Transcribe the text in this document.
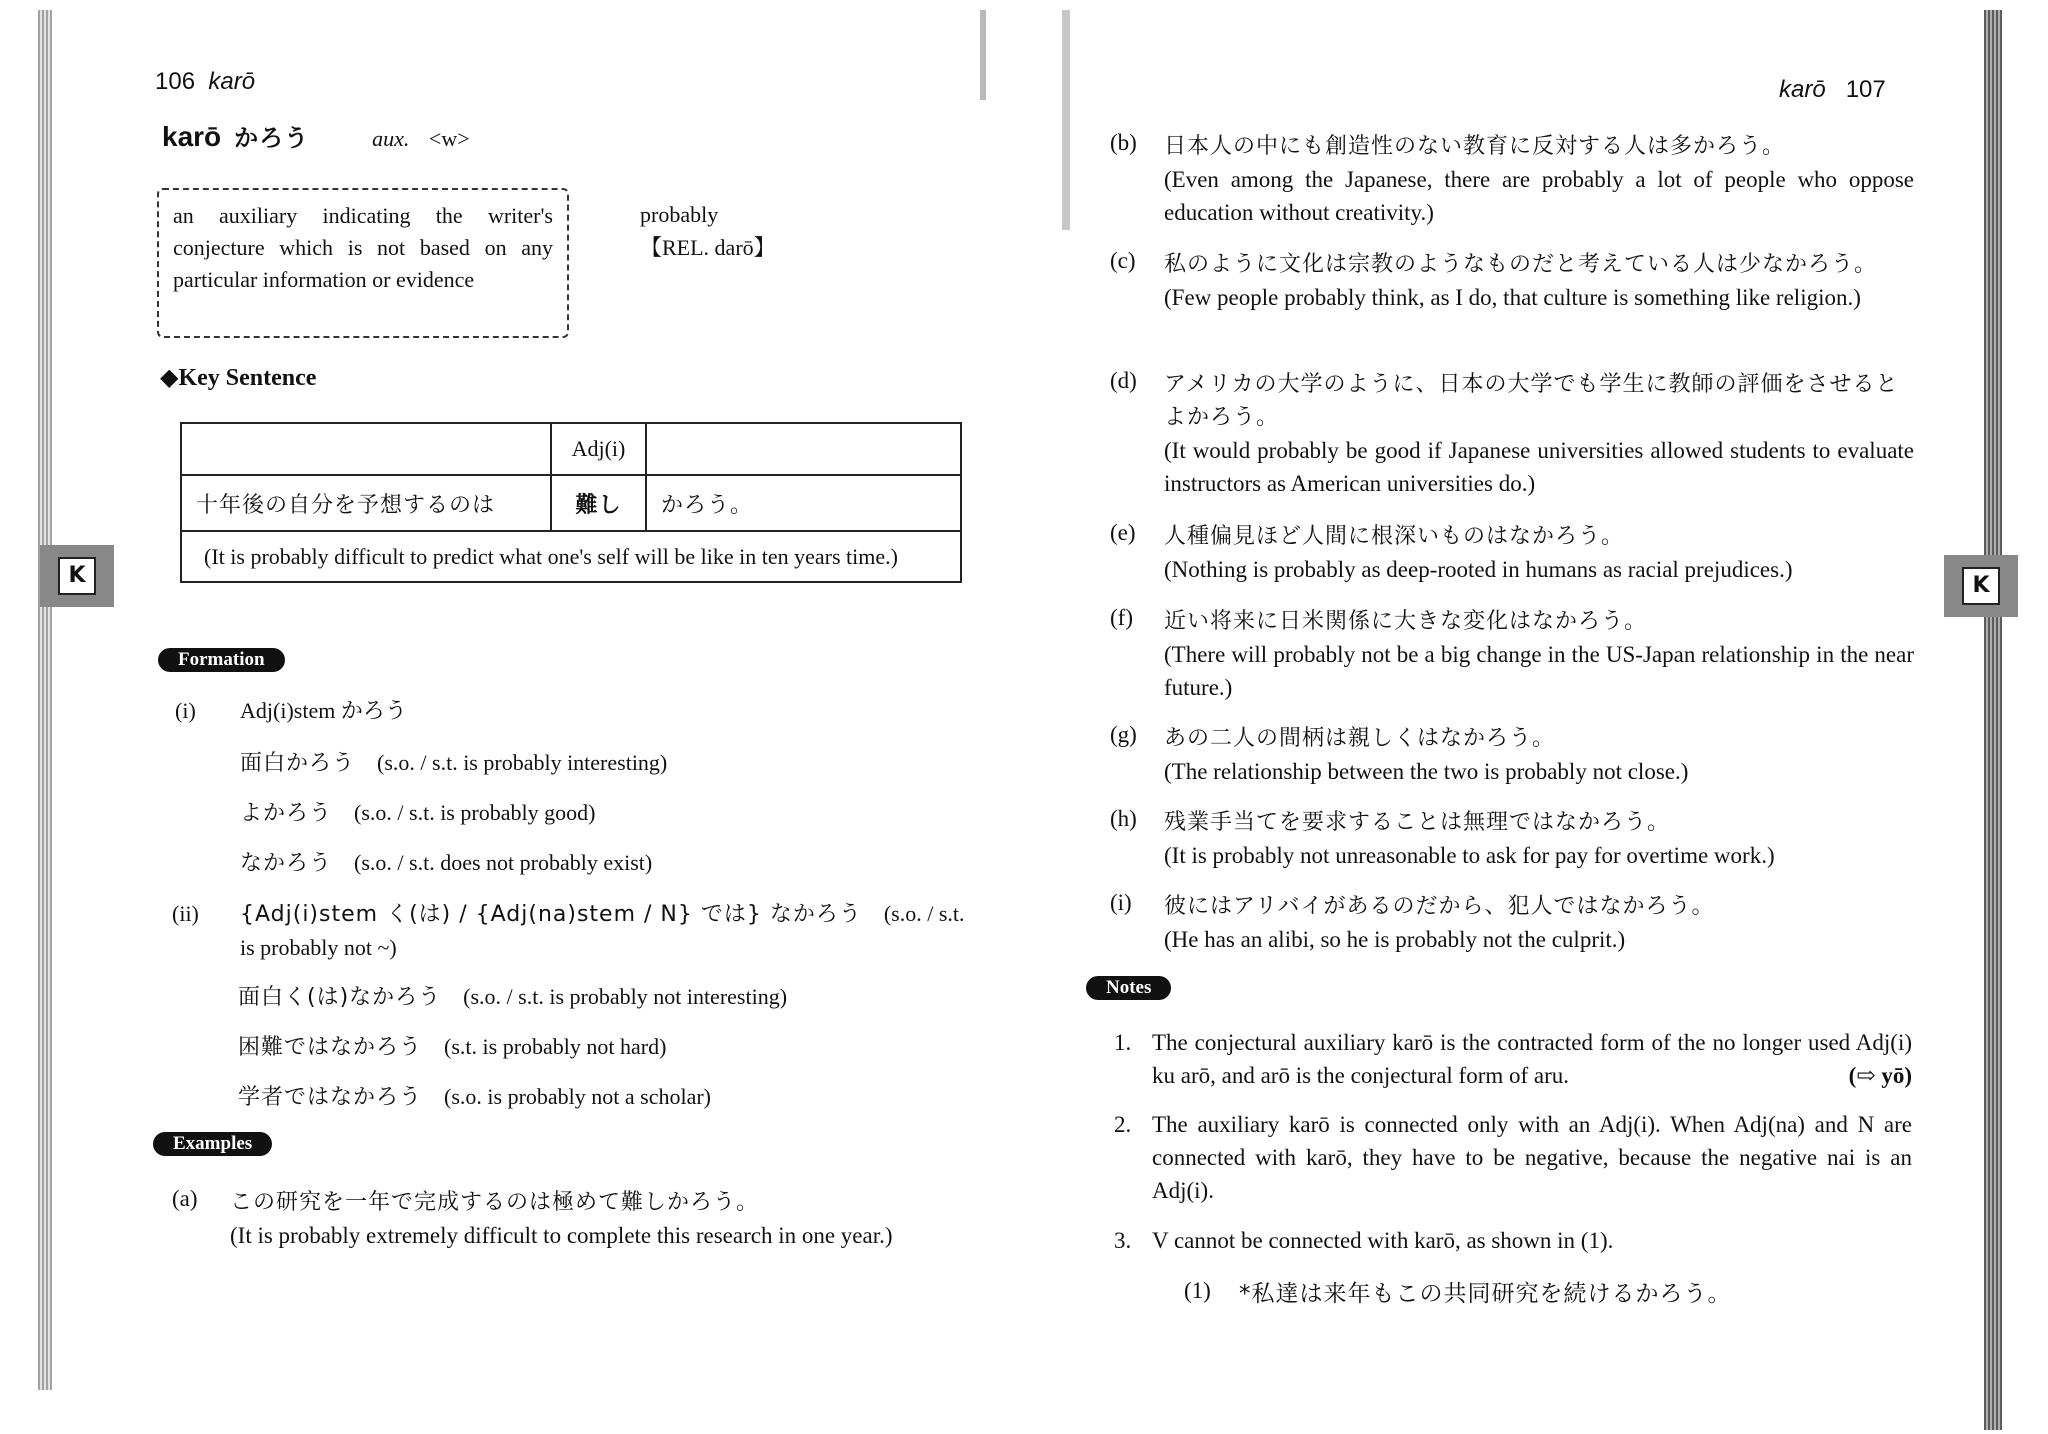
106 karō
karō かろう	aux. <w>
an auxiliary indicating the writer's conjecture which is not based on any particular information or evidence
probably
【REL. darō】
K
◆Key Sentence
	Adj(i)	
十年後の自分を予想するのは	難し	かろう。
(It is probably difficult to predict what one's self will be like in ten years time.)		
Formation
(i) Adj(i)stem かろう
面白かろう (s.o. / s.t. is probably interesting)
よかろう (s.o. / s.t. is probably good)
なかろう (s.o. / s.t. does not probably exist)
(ii) {Adj(i)stem く(は) / {Adj(na)stem / N} では} なかろう (s.o. / s.t. is probably not ~)
面白く(は)なかろう (s.o. / s.t. is probably not interesting)
困難ではなかろう (s.t. is probably not hard)
学者ではなかろう (s.o. is probably not a scholar)
Examples
(a) この研究を一年で完成するのは極めて難しかろう。
(It is probably extremely difficult to complete this research in one year.)
karō 107
K
(b) 日本人の中にも創造性のない教育に反対する人は多かろう。
(Even among the Japanese, there are probably a lot of people who oppose education without creativity.)
(c) 私のように文化は宗教のようなものだと考えている人は少なかろう。
(Few people probably think, as I do, that culture is something like religion.)
(d) アメリカの大学のように、日本の大学でも学生に教師の評価をさせるとよかろう。
(It would probably be good if Japanese universities allowed students to evaluate instructors as American universities do.)
(e) 人種偏見ほど人間に根深いものはなかろう。
(Nothing is probably as deep-rooted in humans as racial prejudices.)
(f) 近い将来に日米関係に大きな変化はなかろう。
(There will probably not be a big change in the US-Japan relationship in the near future.)
(g) あの二人の間柄は親しくはなかろう。
(The relationship between the two is probably not close.)
(h) 残業手当てを要求することは無理ではなかろう。
(It is probably not unreasonable to ask for pay for overtime work.)
(i) 彼にはアリバイがあるのだから、犯人ではなかろう。
(He has an alibi, so he is probably not the culprit.)
Notes
1. The conjectural auxiliary karō is the contracted form of the no longer used Adj(i) ku arō, and arō is the conjectural form of aru.	(⇨ yō)
2. The auxiliary karō is connected only with an Adj(i). When Adj(na) and N are connected with karō, they have to be negative, because the negative nai is an Adj(i).
3. V cannot be connected with karō, as shown in (1).
(1) *私達は来年もこの共同研究を続けるかろう。
